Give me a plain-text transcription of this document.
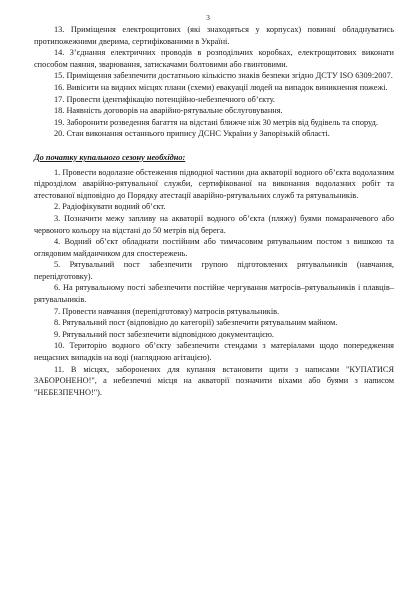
3

13. Приміщення електрощитових (які знаходяться у корпусах) повинні обладнуватись протипожежними дверима, сертифікованими в Україні.

14. З’єднання електричних проводів в розподільчих коробках, електрощитових виконати способом паяння, зварювання, затискачами болтовими або гвинтовими.

15. Приміщення забезпечити достатньою кількістю знаків безпеки згідно ДСТУ ISO 6309:2007.

16. Вивісити на видних місцях плани (схеми) евакуації людей на випадок виникнення пожежі.

17. Провести ідентифікацію потенційно-небезпечного об’єкту.

18. Наявність договорів на аварійно-рятувальне обслуговування.

19. Заборонити розведення багаття на відстані ближче ніж 30 метрів від будівель та споруд.

20. Стан виконання останнього припису ДСНС України у Запорізькій області.

До початку купального сезону необхідно:

1. Провести водолазне обстеження підводної частини дна акваторії водного об’єкта водолазним підрозділом аварійно-рятувальної служби, сертифікованої на виконання водолазних робіт та атестованої відповідно до Порядку атестації аварійно-рятувальних служб та рятувальників.

2. Радіофікувати водний об’єкт.

3. Позначити межу запливу на акваторії водного об’єкта (пляжу) буями помаранчевого або червоного кольору на відстані до 50 метрів від берега.

4. Водний об’єкт обладнати постійним або тимчасовим рятувальним постом з вишкою та оглядовим майданчиком для спостережень.

5. Рятувальний пост забезпечити групою підготовлених рятувальників (навчання, перепідготовку).

6. На рятувальному пості забезпечити постійне чергування матросів–рятувальників і плавців–рятувальників.

7. Провести навчання (перепідготовку) матросів рятувальників.

8. Рятувальний пост (відповідно до категорії) забезпечити рятувальним майном.

9. Рятувальний пост забезпечити відповідною документацією.

10. Територію водного об’єкту забезпечити стендами з матеріалами щодо попередження нещасних випадків на воді (наглядною агітацією).

11. В місцях, заборонених для купання встановити щити з написами "КУПАТИСЯ ЗАБОРОНЕНО!", а небезпечні місця на акваторії позначити віхами або буями з написом "НЕБЕЗПЕЧНО!").
